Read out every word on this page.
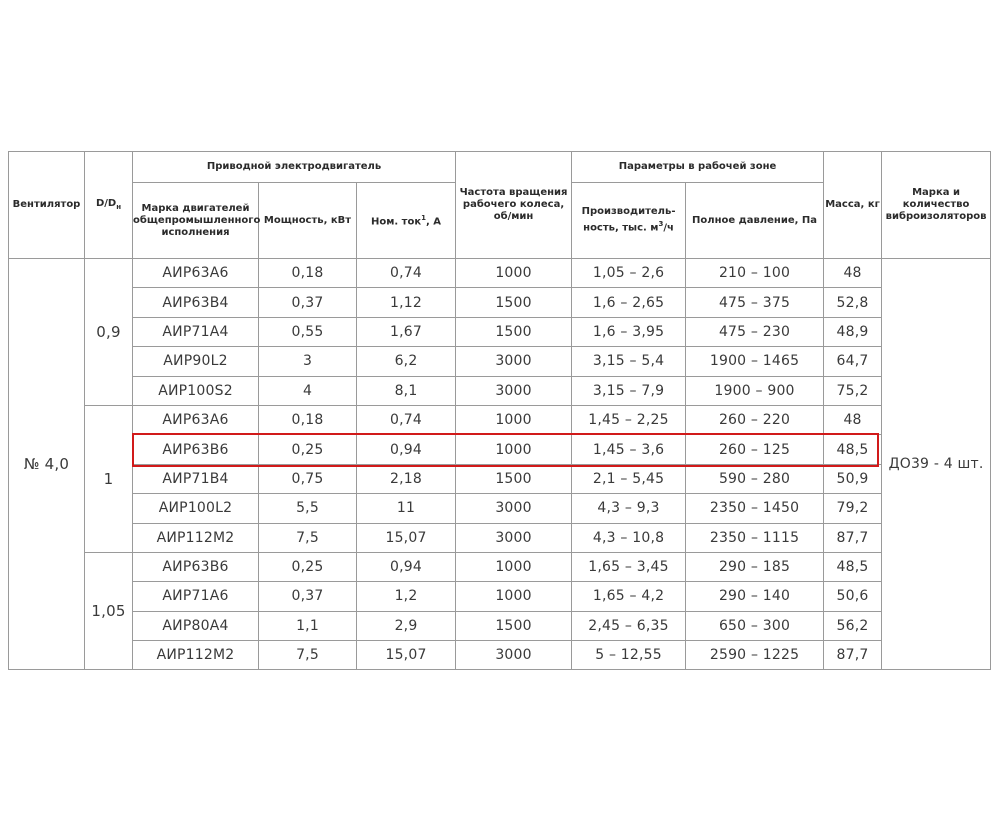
Вентилятор	$D/D_н$	Приводной электродвигатель			Частота вращения рабочего колеса, об/мин	Параметры в рабочей зоне		Масса, кг	Марка и количество виброизоляторов
		Марка двигателей общепромышленного исполнения	Мощность, кВт	Ном. ток$^1$, А		Производитель- ность, тыс. $м^3/ч$	Полное давление, Па		
№ 4,0	0,9	АИР63А6	0,18	0,74	1000	1,05 – 2,6	210 – 100	48	ДО39 - 4 шт.
		АИР63В4	0,37	1,12	1500	1,6 – 2,65	475 – 375	52,8	
		АИР71А4	0,55	1,67	1500	1,6 – 3,95	475 – 230	48,9	
		АИР90L2	3	6,2	3000	3,15 – 5,4	1900 – 1465	64,7	
		АИР100S2	4	8,1	3000	3,15 – 7,9	1900 – 900	75,2	
	1	АИР63А6	0,18	0,74	1000	1,45 – 2,25	260 – 220	48	
		АИР63В6	0,25	0,94	1000	1,45 – 3,6	260 – 125	48,5	
		АИР71В4	0,75	2,18	1500	2,1 – 5,45	590 – 280	50,9	
		АИР100L2	5,5	11	3000	4,3 – 9,3	2350 – 1450	79,2	
		АИР112М2	7,5	15,07	3000	4,3 – 10,8	2350 – 1115	87,7	
	1,05	АИР63В6	0,25	0,94	1000	1,65 – 3,45	290 – 185	48,5	
		АИР71А6	0,37	1,2	1000	1,65 – 4,2	290 – 140	50,6	
		АИР80А4	1,1	2,9	1500	2,45 – 6,35	650 – 300	56,2	
		АИР112М2	7,5	15,07	3000	5 – 12,55	2590 – 1225	87,7	
